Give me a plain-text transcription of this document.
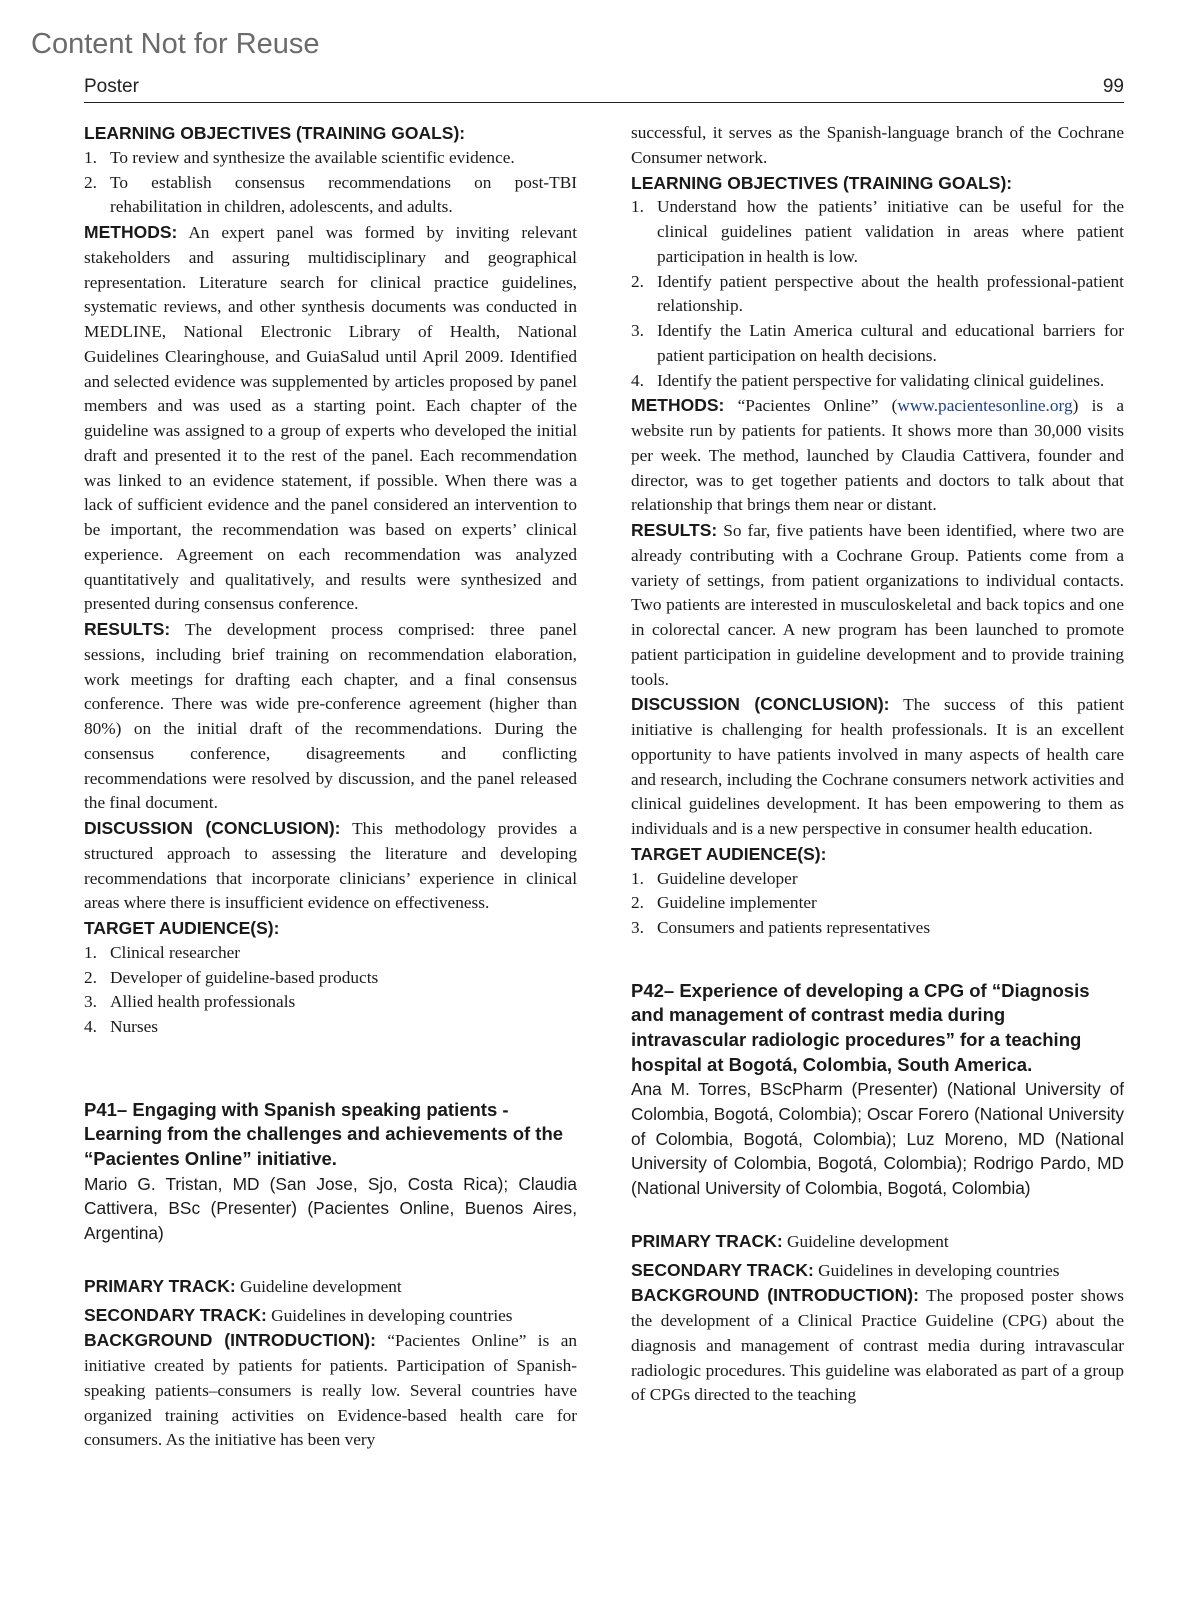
Content Not for Reuse
Poster	99
LEARNING OBJECTIVES (TRAINING GOALS):
1. To review and synthesize the available scientific evidence.
2. To establish consensus recommendations on post-TBI rehabilitation in children, adolescents, and adults.

METHODS: An expert panel was formed by inviting relevant stakeholders and assuring multidisciplinary and geographical representation. Literature search for clinical practice guidelines, systematic reviews, and other synthesis documents was conducted in MEDLINE, National Electronic Library of Health, National Guidelines Clearinghouse, and GuiaSalud until April 2009. Identified and selected evidence was supplemented by articles proposed by panel members and was used as a starting point. Each chapter of the guideline was assigned to a group of experts who developed the initial draft and presented it to the rest of the panel. Each recommendation was linked to an evidence statement, if possible. When there was a lack of sufficient evidence and the panel considered an intervention to be important, the recommendation was based on experts’ clinical experience. Agreement on each recommendation was analyzed quantitatively and qualitatively, and results were synthesized and presented during consensus conference.

RESULTS: The development process comprised: three panel sessions, including brief training on recommendation elaboration, work meetings for drafting each chapter, and a final consensus conference. There was wide pre-conference agreement (higher than 80%) on the initial draft of the recommendations. During the consensus conference, disagreements and conflicting recommendations were resolved by discussion, and the panel released the final document.

DISCUSSION (CONCLUSION): This methodology provides a structured approach to assessing the literature and developing recommendations that incorporate clinicians’ experience in clinical areas where there is insufficient evidence on effectiveness.

TARGET AUDIENCE(S):
1. Clinical researcher
2. Developer of guideline-based products
3. Allied health professionals
4. Nurses
P41– Engaging with Spanish speaking patients - Learning from the challenges and achievements of the “Pacientes Online” initiative.

Mario G. Tristan, MD (San Jose, Sjo, Costa Rica); Claudia Cattivera, BSc (Presenter) (Pacientes Online, Buenos Aires, Argentina)

PRIMARY TRACK: Guideline development

SECONDARY TRACK: Guidelines in developing countries

BACKGROUND (INTRODUCTION): “Pacientes Online” is an initiative created by patients for patients. Participation of Spanish-speaking patients–consumers is really low. Several countries have organized training activities on Evidence-based health care for consumers. As the initiative has been very

successful, it serves as the Spanish-language branch of the Cochrane Consumer network.

LEARNING OBJECTIVES (TRAINING GOALS):
1. Understand how the patients’ initiative can be useful for the clinical guidelines patient validation in areas where patient participation in health is low.
2. Identify patient perspective about the health professional-patient relationship.
3. Identify the Latin America cultural and educational barriers for patient participation on health decisions.
4. Identify the patient perspective for validating clinical guidelines.

METHODS: “Pacientes Online” (www.pacientesonline.org) is a website run by patients for patients. It shows more than 30,000 visits per week. The method, launched by Claudia Cattivera, founder and director, was to get together patients and doctors to talk about that relationship that brings them near or distant.

RESULTS: So far, five patients have been identified, where two are already contributing with a Cochrane Group. Patients come from a variety of settings, from patient organizations to individual contacts. Two patients are interested in musculoskeletal and back topics and one in colorectal cancer. A new program has been launched to promote patient participation in guideline development and to provide training tools.

DISCUSSION (CONCLUSION): The success of this patient initiative is challenging for health professionals. It is an excellent opportunity to have patients involved in many aspects of health care and research, including the Cochrane consumers network activities and clinical guidelines development. It has been empowering to them as individuals and is a new perspective in consumer health education.

TARGET AUDIENCE(S):
1. Guideline developer
2. Guideline implementer
3. Consumers and patients representatives
P42– Experience of developing a CPG of “Diagnosis and management of contrast media during intravascular radiologic procedures” for a teaching hospital at Bogotá, Colombia, South America.

Ana M. Torres, BScPharm (Presenter) (National University of Colombia, Bogotá, Colombia); Oscar Forero (National University of Colombia, Bogotá, Colombia); Luz Moreno, MD (National University of Colombia, Bogotá, Colombia); Rodrigo Pardo, MD (National University of Colombia, Bogotá, Colombia)

PRIMARY TRACK: Guideline development

SECONDARY TRACK: Guidelines in developing countries

BACKGROUND (INTRODUCTION): The proposed poster shows the development of a Clinical Practice Guideline (CPG) about the diagnosis and management of contrast media during intravascular radiologic procedures. This guideline was elaborated as part of a group of CPGs directed to the teaching
